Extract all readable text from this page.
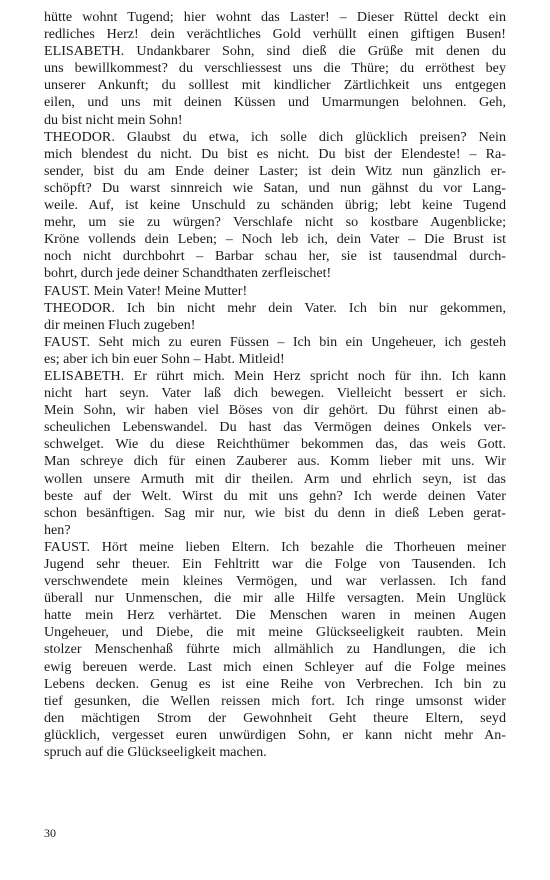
hütte wohnt Tugend; hier wohnt das Laster! – Dieser Rüttel deckt ein
redliches Herz! dein verächtliches Gold verhüllt einen giftigen Busen!
ELISABETH. Undankbarer Sohn, sind dieß die Grüße mit denen du
uns bewillkommest? du verschliessest uns die Thüre; du erröthest bey
unserer Ankunft; du solllest mit kindlicher Zärtlichkeit uns entgegen
eilen, und uns mit deinen Küssen und Umarmungen belohnen. Geh,
du bist nicht mein Sohn!
THEODOR. Glaubst du etwa, ich solle dich glücklich preisen? Nein
mich blendest du nicht. Du bist es nicht. Du bist der Elendeste! – Ra-
sender, bist du am Ende deiner Laster; ist dein Witz nun gänzlich er-
schöpft? Du warst sinnreich wie Satan, und nun gähnst du vor Lang-
weile. Auf, ist keine Unschuld zu schänden übrig; lebt keine Tugend
mehr, um sie zu würgen? Verschlafe nicht so kostbare Augenblicke;
Kröne vollends dein Leben; – Noch leb ich, dein Vater – Die Brust ist
noch nicht durchbohrt – Barbar schau her, sie ist tausendmal durch-
bohrt, durch jede deiner Schandthaten zerfleischet!
FAUST. Mein Vater! Meine Mutter!
THEODOR. Ich bin nicht mehr dein Vater. Ich bin nur gekommen,
dir meinen Fluch zugeben!
FAUST. Seht mich zu euren Füssen – Ich bin ein Ungeheuer, ich gesteh
es; aber ich bin euer Sohn – Habt. Mitleid!
ELISABETH. Er rührt mich. Mein Herz spricht noch für ihn. Ich kann
nicht hart seyn. Vater laß dich bewegen. Vielleicht bessert er sich.
Mein Sohn, wir haben viel Böses von dir gehört. Du führst einen ab-
scheulichen Lebenswandel. Du hast das Vermögen deines Onkels ver-
schwelget. Wie du diese Reichthümer bekommen das, das weis Gott.
Man schreye dich für einen Zauberer aus. Komm lieber mit uns. Wir
wollen unsere Armuth mit dir theilen. Arm und ehrlich seyn, ist das
beste auf der Welt. Wirst du mit uns gehn? Ich werde deinen Vater
schon besänftigen. Sag mir nur, wie bist du denn in dieß Leben gerat-
hen?
FAUST. Hört meine lieben Eltern. Ich bezahle die Thorheuen meiner
Jugend sehr theuer. Ein Fehltritt war die Folge von Tausenden. Ich
verschwendete mein kleines Vermögen, und war verlassen. Ich fand
überall nur Unmenschen, die mir alle Hilfe versagten. Mein Unglück
hatte mein Herz verhärtet. Die Menschen waren in meinen Augen
Ungeheuer, und Diebe, die mit meine Glückseeligkeit raubten. Mein
stolzer Menschenhaß führte mich allmählich zu Handlungen, die ich
ewig bereuen werde. Last mich einen Schleyer auf die Folge meines
Lebens decken. Genug es ist eine Reihe von Verbrechen. Ich bin zu
tief gesunken, die Wellen reissen mich fort. Ich ringe umsonst wider
den mächtigen Strom der Gewohnheit Geht theure Eltern, seyd
glücklich, vergesset euren unwürdigen Sohn, er kann nicht mehr An-
spruch auf die Glückseeligkeit machen.
30
